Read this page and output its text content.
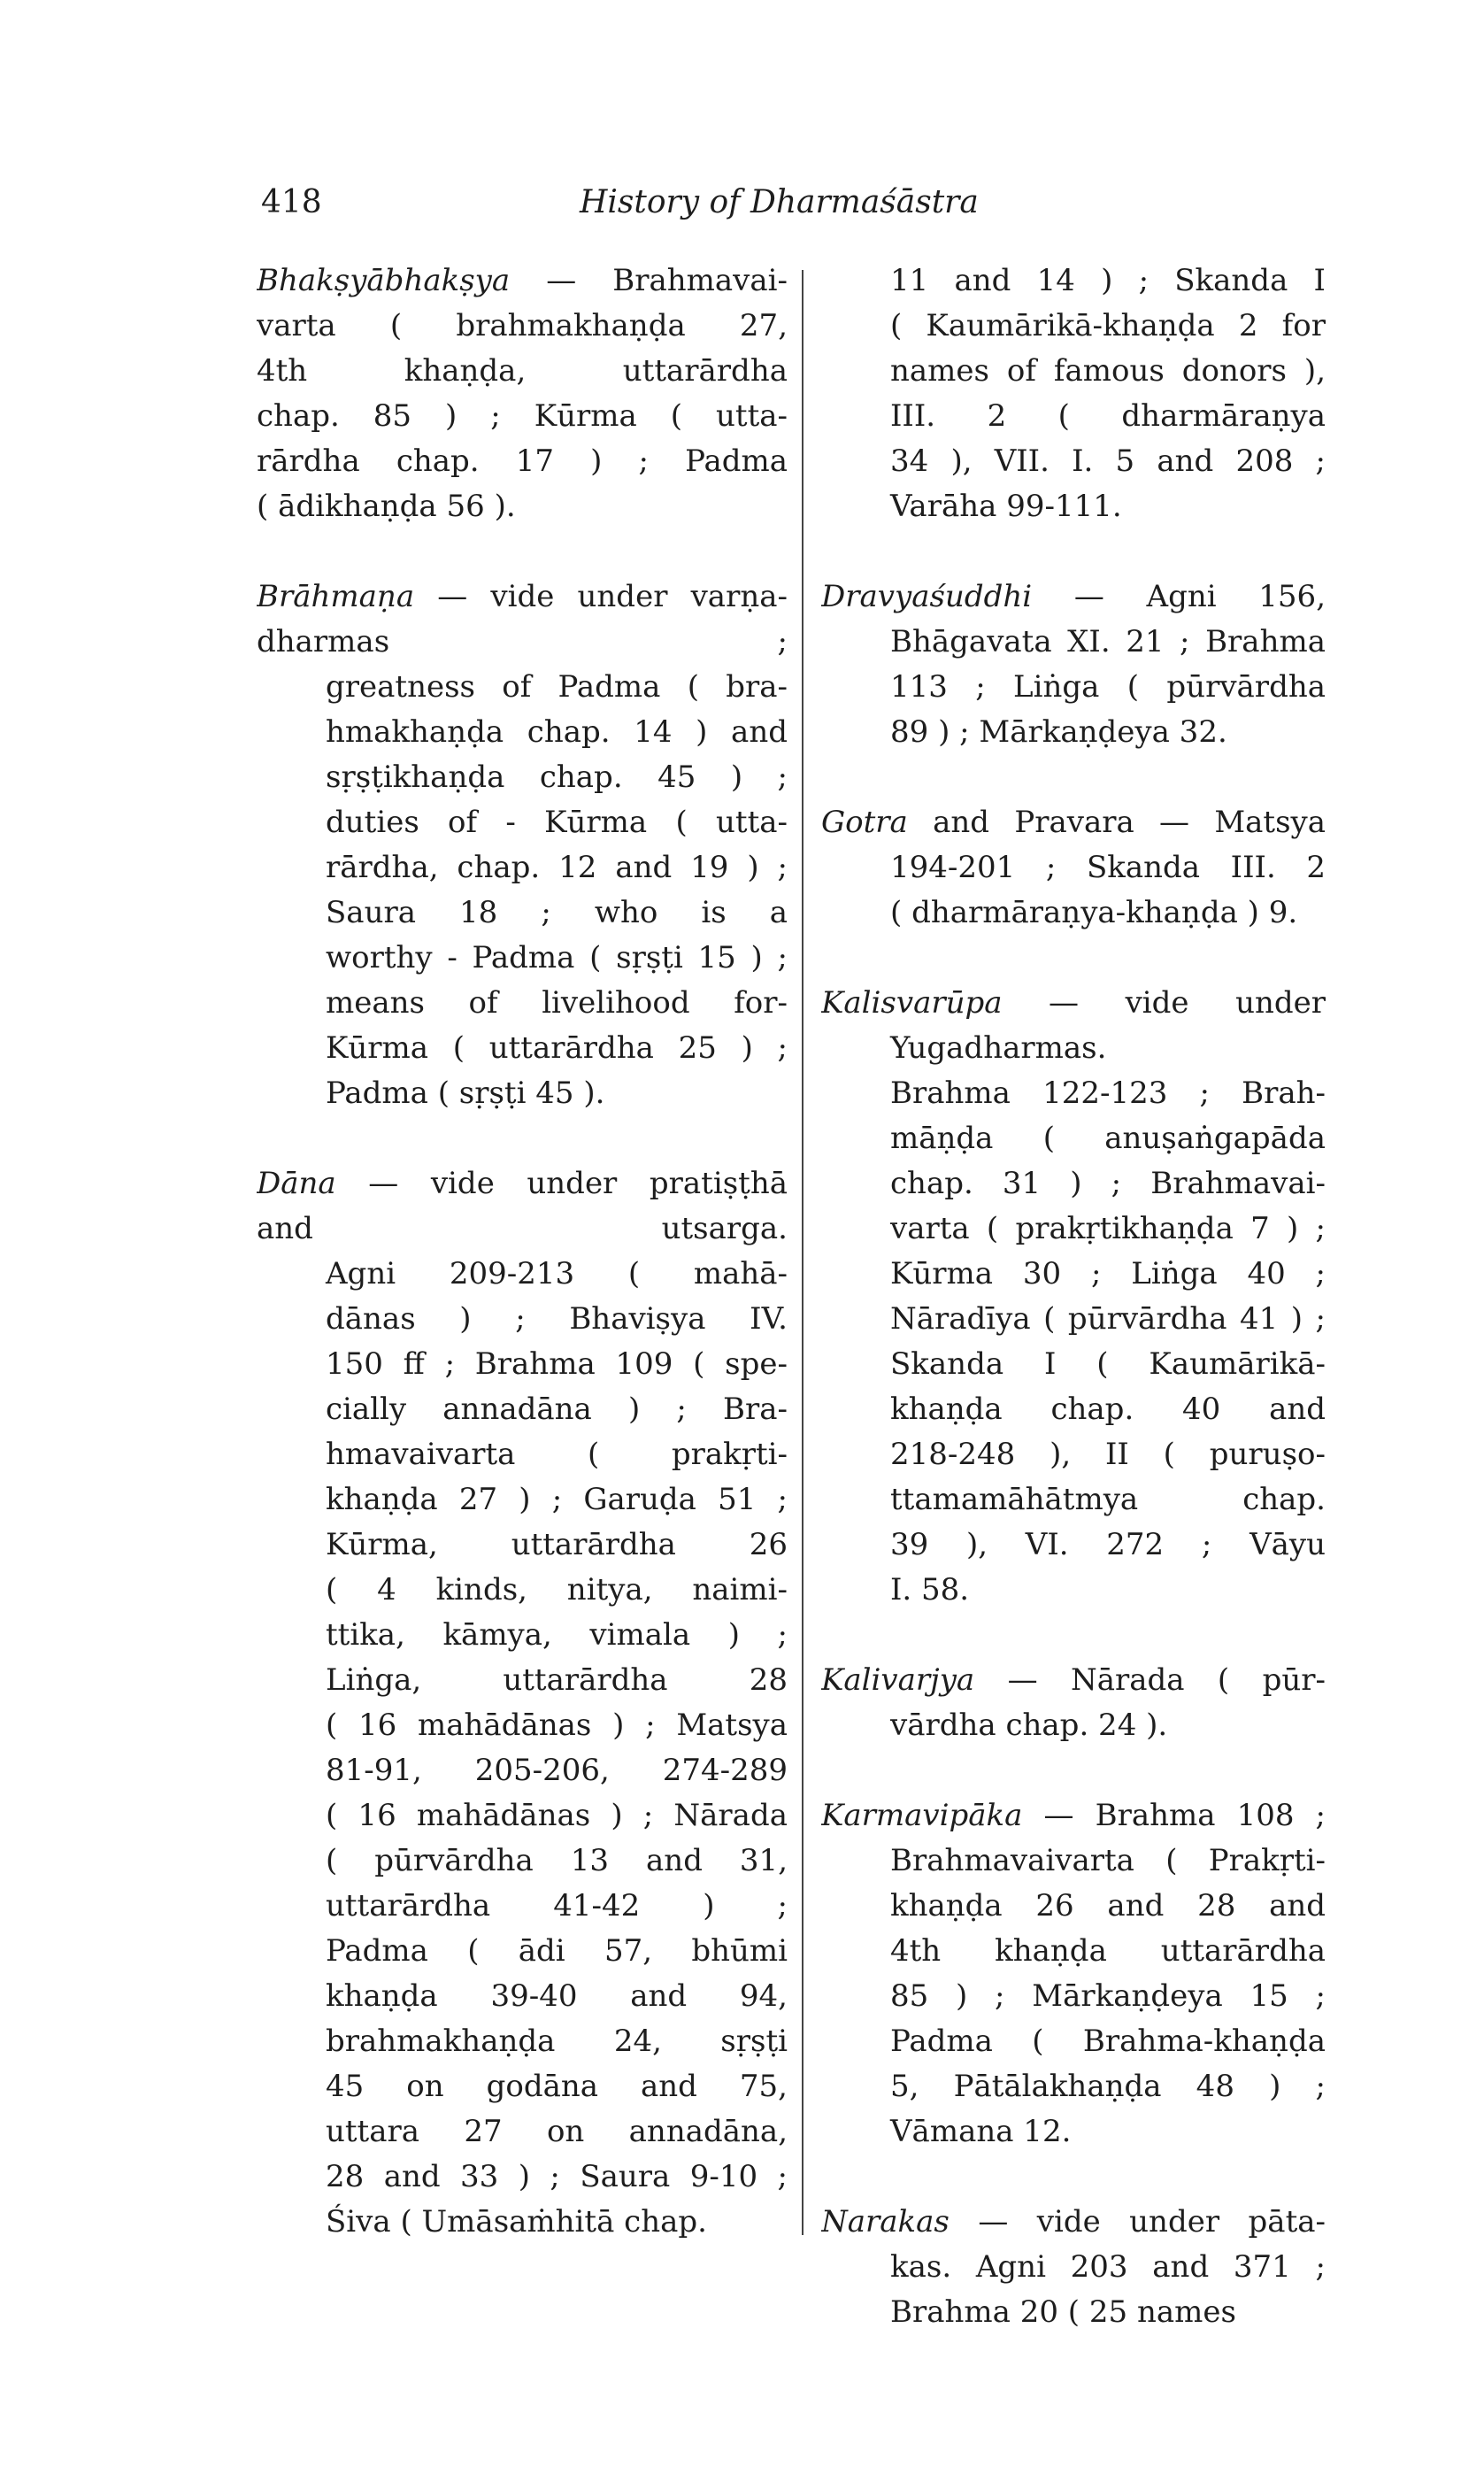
418	History of Dharmaśāstra
Bhakṣyābhakṣya — Brahmavai-
varta ( brahmakhaṇḍa 27,
4th khaṇḍa, uttarārdha
chap. 85 ) ; Kūrma ( utta-
rārdha chap. 17 ) ; Padma
( ādikhaṇḍa 56 ).
Brāhmaṇa — vide under varṇa-
dharmas ;
greatness of Padma ( bra-
hmakhaṇḍa chap. 14 ) and
sṛṣṭikhaṇḍa chap. 45 ) ;
duties of - Kūrma ( utta-
rārdha, chap. 12 and 19 ) ;
Saura 18 ; who is a
worthy - Padma ( sṛṣṭi 15 ) ;
means of livelihood for-
Kūrma ( uttarārdha 25 ) ;
Padma ( sṛṣṭi 45 ).
Dāna — vide under pratiṣṭhā
and utsarga.
Agni 209-213 ( mahā-
dānas ) ; Bhaviṣya IV.
150 ff ; Brahma 109 ( spe-
cially annadāna ) ; Bra-
hmavaivarta ( prakṛti-
khaṇḍa 27 ) ; Garuḍa 51 ;
Kūrma, uttarārdha 26
( 4 kinds, nitya, naimi-
ttika, kāmya, vimala ) ;
Liṅga, uttarārdha 28
( 16 mahādānas ) ; Matsya
81-91, 205-206, 274-289
( 16 mahādānas ) ; Nārada
( pūrvārdha 13 and 31,
uttarārdha 41-42 ) ;
Padma ( ādi 57, bhūmi
khaṇḍa 39-40 and 94,
brahmakhaṇḍa 24, sṛṣṭi
45 on godāna and 75,
uttara 27 on annadāna,
28 and 33 ) ; Saura 9-10 ;
Śiva ( Umāsaṁhitā chap.
11 and 14 ) ; Skanda I
( Kaumārikā-khaṇḍa 2 for
names of famous donors ),
III. 2 ( dharmāraṇya
34 ), VII. I. 5 and 208 ;
Varāha 99-111.
Dravyaśuddhi — Agni 156,
Bhāgavata XI. 21 ; Brahma
113 ; Liṅga ( pūrvārdha
89 ) ; Mārkaṇḍeya 32.
Gotra and Pravara — Matsya
194-201 ; Skanda III. 2
( dharmāraṇya-khaṇḍa ) 9.
Kalisvarūpa — vide under
Yugadharmas.
Brahma 122-123 ; Brah-
māṇḍa ( anuṣaṅgapāda
chap. 31 ) ; Brahmavai-
varta ( prakṛtikhaṇḍa 7 ) ;
Kūrma 30 ; Liṅga 40 ;
Nāradīya ( pūrvārdha 41 ) ;
Skanda I ( Kaumārikā-
khaṇḍa chap. 40 and
218-248 ), II ( puruṣo-
ttamamāhātmya chap.
39 ), VI. 272 ; Vāyu
I. 58.
Kalivarjya — Nārada ( pūr-
vārdha chap. 24 ).
Karmavipāka — Brahma 108 ;
Brahmavaivarta ( Prakṛti-
khaṇḍa 26 and 28 and
4th khaṇḍa uttarārdha
85 ) ; Mārkaṇḍeya 15 ;
Padma ( Brahma-khaṇḍa
5, Pātālakhaṇḍa 48 ) ;
Vāmana 12.
Narakas — vide under pāta-
kas. Agni 203 and 371 ;
Brahma 20 ( 25 names
